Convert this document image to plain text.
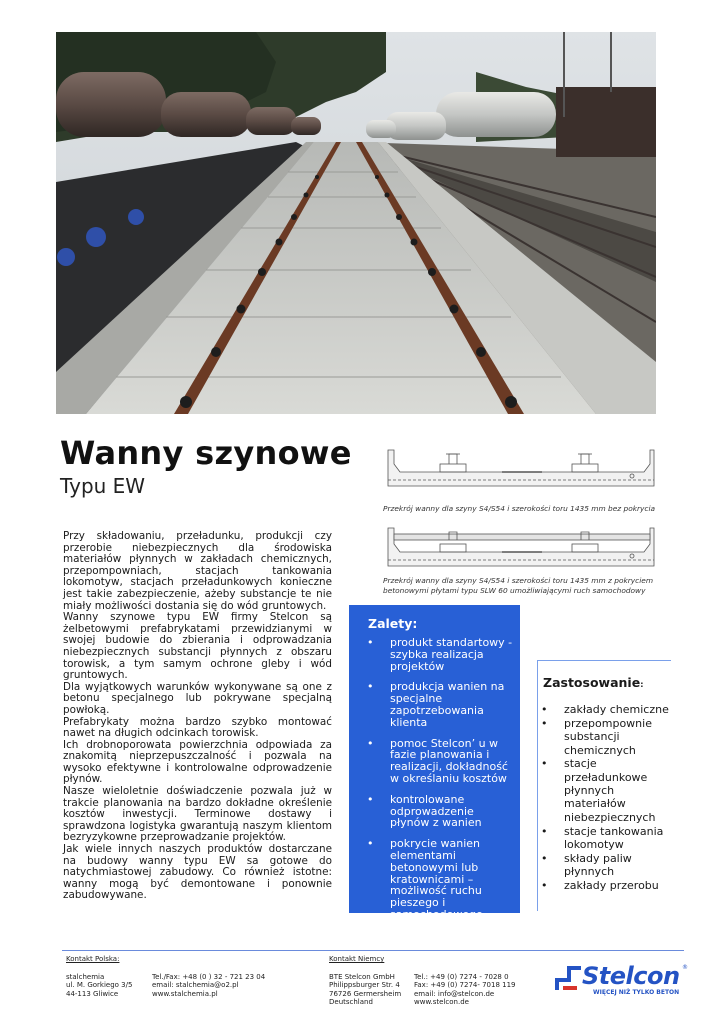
Wanny szynowe
Typu EW

Przy składowaniu, przeładunku, produkcji czy przerobie niebezpiecznych dla środowiska materiałów płynnych w zakładach chemicznych, przepompowniach, stacjach tankowania lokomotyw, stacjach przeładunkowych konieczne jest takie zabezpieczenie, ażeby substancje te nie miały możliwości dostania się do wód gruntowych.

Wanny szynowe typu EW firmy Stelcon są żelbetowymi prefabrykatami przewidzianymi w swojej budowie do zbierania i odprowadzania niebezpiecznych substancji płynnych z obszaru torowisk, a tym samym ochrone gleby i wód gruntowych.

Dla wyjątkowych warunków wykonywane są one z betonu specjalnego lub pokrywane specjalną powłoką.

Prefabrykaty można bardzo szybko montować nawet na długich odcinkach torowisk.

Ich drobnoporowata powierzchnia odpowiada za znakomitą nieprzepuszczalność i pozwala na wysoko efektywne i kontrolowalne odprowadzenie płynów.

Nasze wieloletnie doświadczenie pozwala już w trakcie planowania na bardzo dokładne określenie kosztów inwestycji. Terminowe dostawy i sprawdzona logistyka gwarantują naszym klientom bezryzykowne przeprowadzanie projektów.

Jak wiele innych naszych produktów dostarczane na budowy wanny typu EW sa gotowe do natychmiastowej zabudowy. Co również istotne: wanny mogą być demontowane i ponownie zabudowywane.

Przekrój wanny dla szyny S4/S54 i szerokości toru 1435 mm bez pokrycia
Przekrój wanny dla szyny S4/S54 i szerokości toru 1435 mm z pokryciem betonowymi płytami typu SLW 60 umożliwiającymi ruch samochodowy
Zalety:
• produkt standartowy - szybka realizacja projektów
• produkcja wanien na specjalne zapotrzebowania klienta
• pomoc Stelcon’ u w fazie planowania i realizacji, dokładność w określaniu kosztów
• kontrolowane odprowadzenie płynów z wanien
• pokrycie wanien elementami betonowymi lub kratownicami – możliwość ruchu pieszego i samochodowego
Zastosowanie:
• zakłady chemiczne
• przepompownie substancji chemicznych
• stacje przeładunkowe płynnych materiałów niebezpiecznych
• stacje tankowania lokomotyw
• składy paliw płynnych
• zakłady przerobu
Kontakt Polska:
stalchemia
ul. M. Gorkiego 3/5
44-113 Gliwice
Tel./Fax: +48 (0 ) 32 - 721 23 04
email: stalchemia@o2.pl
www.stalchemia.pl
Kontakt Niemcy
BTE Stelcon GmbH
Philippsburger Str. 4
76726 Germersheim
Deutschland
Tel.: +49 (0) 7274 - 7028 0
Fax: +49 (0) 7274- 7018 119
email: info@stelcon.de
www.stelcon.de
Stelcon ®
WIĘCEJ NIŻ TYLKO BETON
